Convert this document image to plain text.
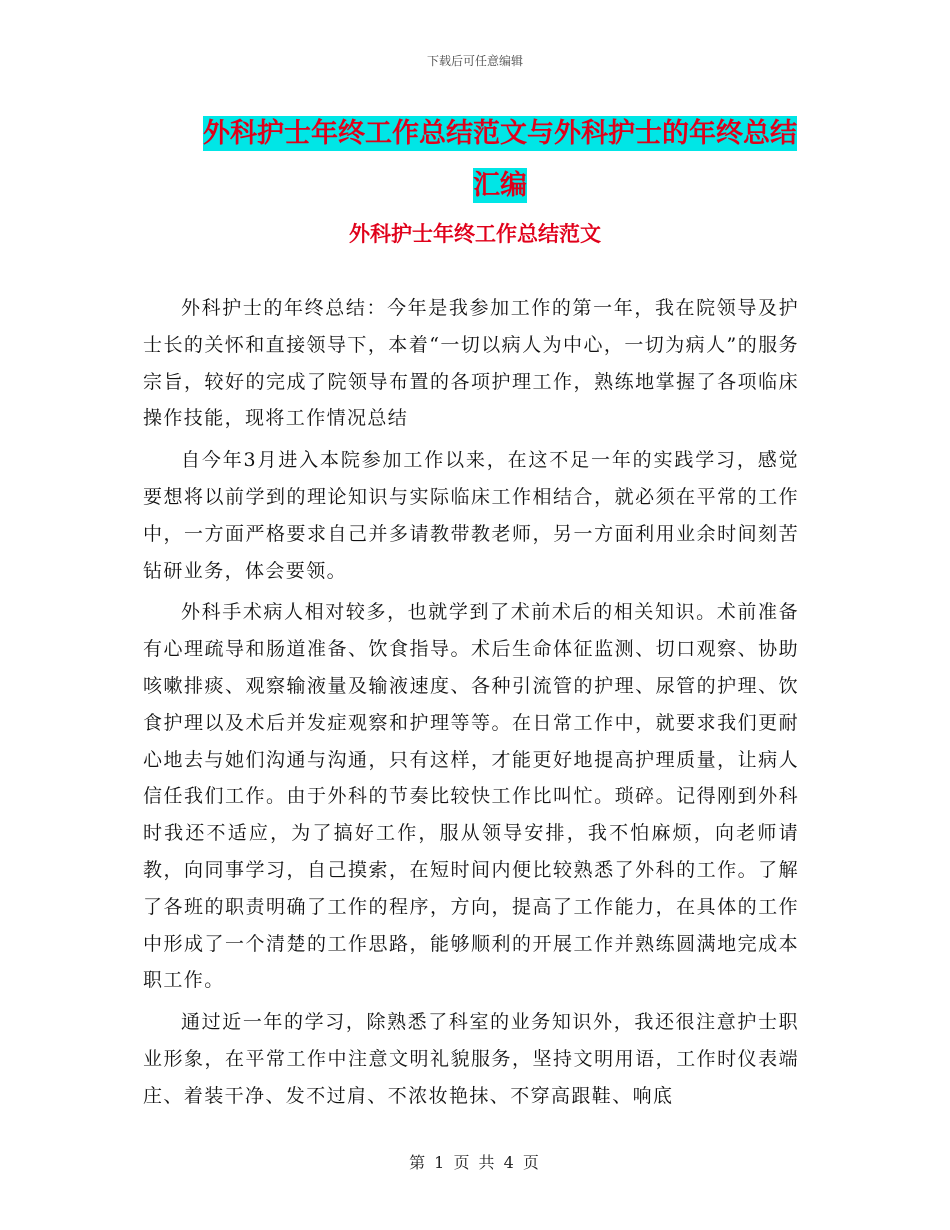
下载后可任意编辑
外科护士年终工作总结范文与外科护士的年终总结汇编
外科护士年终工作总结范文

外科护士的年终总结：今年是我参加工作的第一年，我在院领导及护士长的关怀和直接领导下，本着“一切以病人为中心，一切为病人”的服务宗旨，较好的完成了院领导布置的各项护理工作，熟练地掌握了各项临床操作技能，现将工作情况总结

自今年3月进入本院参加工作以来，在这不足一年的实践学习，感觉要想将以前学到的理论知识与实际临床工作相结合，就必须在平常的工作中，一方面严格要求自己并多请教带教老师，另一方面利用业余时间刻苦钻研业务，体会要领。

外科手术病人相对较多，也就学到了术前术后的相关知识。术前准备有心理疏导和肠道准备、饮食指导。术后生命体征监测、切口观察、协助咳嗽排痰、观察输液量及输液速度、各种引流管的护理、尿管的护理、饮食护理以及术后并发症观察和护理等等。在日常工作中，就要求我们更耐心地去与她们沟通与沟通，只有这样，才能更好地提高护理质量，让病人信任我们工作。由于外科的节奏比较快工作比叫忙。琐碎。记得刚到外科时我还不适应，为了搞好工作，服从领导安排，我不怕麻烦，向老师请教，向同事学习，自己摸索，在短时间内便比较熟悉了外科的工作。了解了各班的职责明确了工作的程序，方向，提高了工作能力，在具体的工作中形成了一个清楚的工作思路，能够顺利的开展工作并熟练圆满地完成本职工作。

通过近一年的学习，除熟悉了科室的业务知识外，我还很注意护士职业形象，在平常工作中注意文明礼貌服务，坚持文明用语，工作时仪表端庄、着装干净、发不过肩、不浓妆艳抹、不穿高跟鞋、响底

第 1 页 共 4 页
